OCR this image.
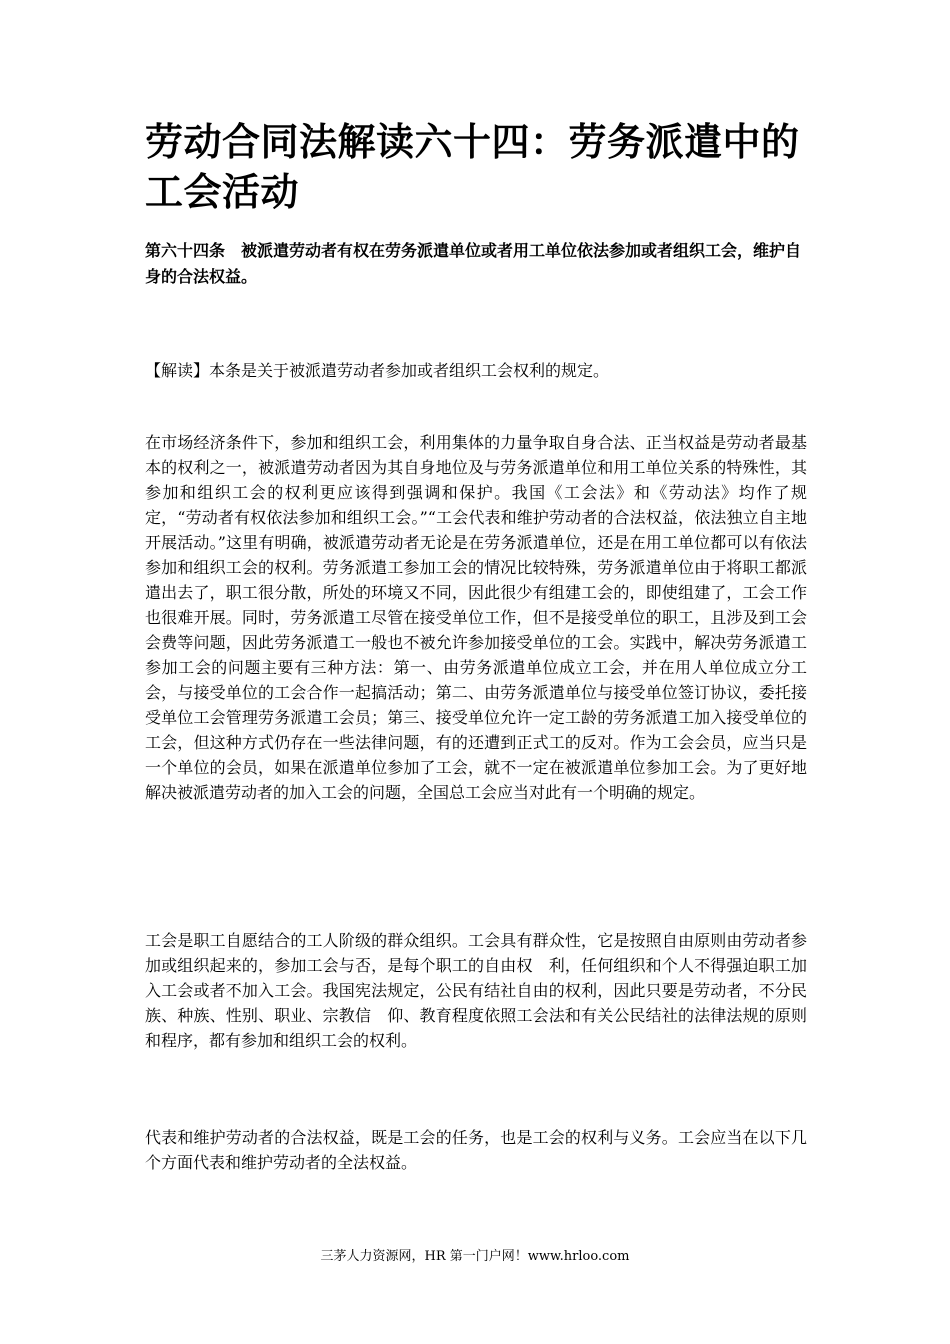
劳动合同法解读六十四：劳务派遣中的工会活动

第六十四条　被派遣劳动者有权在劳务派遣单位或者用工单位依法参加或者组织工会，维护自身的合法权益。

【解读】本条是关于被派遣劳动者参加或者组织工会权利的规定。

在市场经济条件下，参加和组织工会，利用集体的力量争取自身合法、正当权益是劳动者最基本的权利之一，被派遣劳动者因为其自身地位及与劳务派遣单位和用工单位关系的特殊性，其参加和组织工会的权利更应该得到强调和保护。我国《工会法》和《劳动法》均作了规定，“劳动者有权依法参加和组织工会。”“工会代表和维护劳动者的合法权益，依法独立自主地开展活动。”这里有明确，被派遣劳动者无论是在劳务派遣单位，还是在用工单位都可以有依法参加和组织工会的权利。劳务派遣工参加工会的情况比较特殊，劳务派遣单位由于将职工都派遣出去了，职工很分散，所处的环境又不同，因此很少有组建工会的，即使组建了，工会工作也很难开展。同时，劳务派遣工尽管在接受单位工作，但不是接受单位的职工，且涉及到工会会费等问题，因此劳务派遣工一般也不被允许参加接受单位的工会。实践中，解决劳务派遣工参加工会的问题主要有三种方法：第一、由劳务派遣单位成立工会，并在用人单位成立分工会，与接受单位的工会合作一起搞活动；第二、由劳务派遣单位与接受单位签订协议，委托接受单位工会管理劳务派遣工会员；第三、接受单位允许一定工龄的劳务派遣工加入接受单位的工会，但这种方式仍存在一些法律问题，有的还遭到正式工的反对。作为工会会员，应当只是一个单位的会员，如果在派遣单位参加了工会，就不一定在被派遣单位参加工会。为了更好地解决被派遣劳动者的加入工会的问题，全国总工会应当对此有一个明确的规定。

工会是职工自愿结合的工人阶级的群众组织。工会具有群众性，它是按照自由原则由劳动者参加或组织起来的，参加工会与否，是每个职工的自由权　利，任何组织和个人不得强迫职工加入工会或者不加入工会。我国宪法规定，公民有结社自由的权利，因此只要是劳动者，不分民族、种族、性别、职业、宗教信　仰、教育程度依照工会法和有关公民结社的法律法规的原则和程序，都有参加和组织工会的权利。

代表和维护劳动者的合法权益，既是工会的任务，也是工会的权利与义务。工会应当在以下几个方面代表和维护劳动者的全法权益。

三茅人力资源网，HR 第一门户网！www.hrloo.com
